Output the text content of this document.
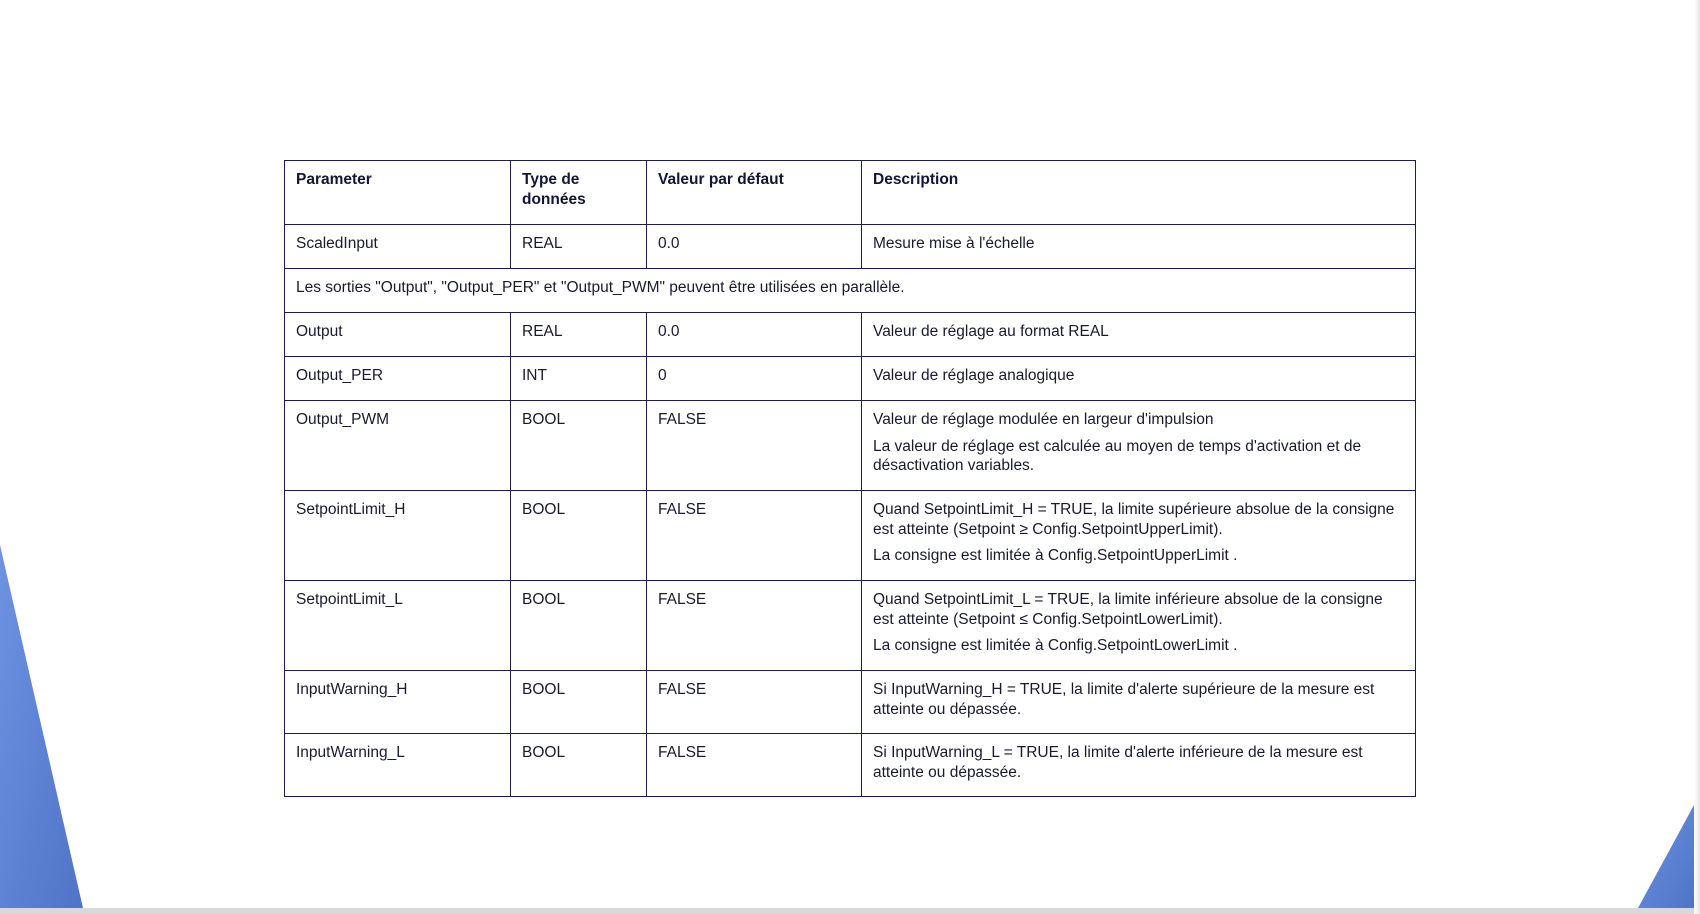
Parameter	Type de données	Valeur par défaut	Description
ScaledInput	REAL	0.0	Mesure mise à l'échelle

Les sorties "Output", "Output_PER" et "Output_PWM" peuvent être utilisées en parallèle.			
Output	REAL	0.0	Valeur de réglage au format REAL

Output_PER	INT	0	Valeur de réglage analogique

Output_PWM	BOOL	FALSE	Valeur de réglage modulée en largeur d'impulsion

La valeur de réglage est calculée au moyen de temps d'activation et de désactivation variables.

SetpointLimit_H	BOOL	FALSE	Quand SetpointLimit_H = TRUE, la limite supérieure absolue de la consigne est atteinte (Setpoint ≥ Config.SetpointUpperLimit).

La consigne est limitée à Config.SetpointUpperLimit .

SetpointLimit_L	BOOL	FALSE	Quand SetpointLimit_L = TRUE, la limite inférieure absolue de la consigne est atteinte (Setpoint ≤ Config.SetpointLowerLimit).

La consigne est limitée à Config.SetpointLowerLimit .

InputWarning_H	BOOL	FALSE	Si InputWarning_H = TRUE, la limite d'alerte supérieure de la mesure est atteinte ou dépassée.

InputWarning_L	BOOL	FALSE	Si InputWarning_L = TRUE, la limite d'alerte inférieure de la mesure est atteinte ou dépassée.
